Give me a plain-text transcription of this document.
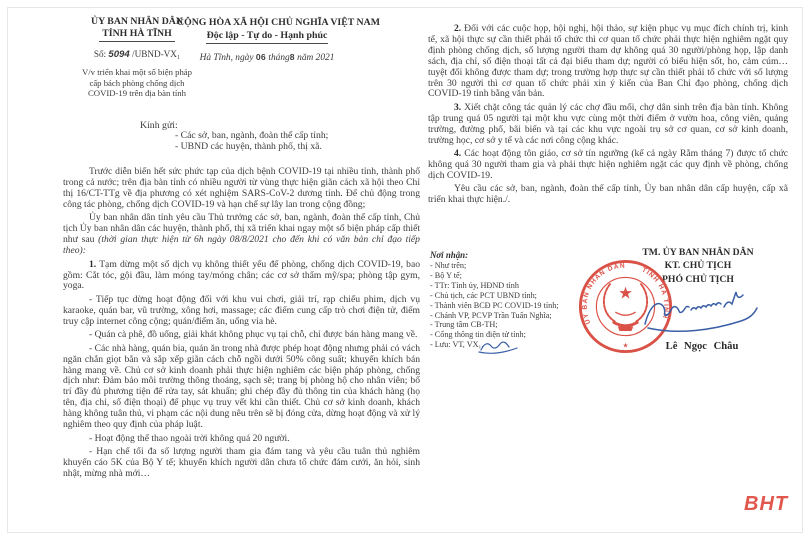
ỦY BAN NHÂN DÂN
TỈNH HÀ TĨNH
Số: 5094 /UBND-VX₁
V/v triển khai một số biện pháp
cấp bách phòng chống dịch
COVID-19 trên địa bàn tỉnh
CỘNG HÒA XÃ HỘI CHỦ NGHĨA VIỆT NAM
Độc lập - Tự do - Hạnh phúc
Hà Tĩnh, ngày 06 tháng8 năm 2021
Kính gửi:
- Các sở, ban, ngành, đoàn thể cấp tỉnh;
- UBND các huyện, thành phố, thị xã.

Trước diễn biến hết sức phức tạp của dịch bệnh COVID-19 tại nhiều tỉnh, thành phố trong cả nước; trên địa bàn tỉnh có nhiều người từ vùng thực hiện giãn cách xã hội theo Chỉ thị 16/CT-TTg về địa phương có xét nghiệm SARS-CoV-2 dương tính. Để chủ động trong công tác phòng, chống dịch COVID-19 và hạn chế sự lây lan trong cộng đồng;

Ủy ban nhân dân tỉnh yêu cầu Thủ trưởng các sở, ban, ngành, đoàn thể cấp tỉnh, Chủ tịch Ủy ban nhân dân các huyện, thành phố, thị xã triển khai ngay một số biện pháp cấp thiết như sau (thời gian thực hiện từ 6h ngày 08/8/2021 cho đến khi có văn bản chỉ đạo tiếp theo):

1. Tạm dừng một số dịch vụ không thiết yếu để phòng, chống dịch COVID-19, bao gồm: Cắt tóc, gội đầu, làm móng tay/móng chân; các cơ sở thẩm mỹ/spa; phòng tập gym, yoga.

- Tiếp tục dừng hoạt động đối với khu vui chơi, giải trí, rạp chiếu phim, dịch vụ karaoke, quán bar, vũ trường, xông hơi, massage; các điểm cung cấp trò chơi điện tử, điểm truy cập internet công cộng; quán/điểm ăn, uống vỉa hè.

- Quán cà phê, đồ uống, giải khát không phục vụ tại chỗ, chỉ được bán hàng mang về.

- Các nhà hàng, quán bia, quán ăn trong nhà được phép hoạt động nhưng phải có vách ngăn chắn giọt bắn và sắp xếp giãn cách chỗ ngồi dưới 50% công suất; khuyến khích bán hàng mang về. Chủ cơ sở kinh doanh phải thực hiện nghiêm các biện pháp phòng, chống dịch như: Đảm bảo môi trường thông thoáng, sạch sẽ; trang bị phòng hộ cho nhân viên; bố trí đầy đủ phương tiện để rửa tay, sát khuẩn; ghi chép đầy đủ thông tin của khách hàng (họ tên, địa chỉ, số điện thoại) để phục vụ truy vết khi cần thiết. Chủ cơ sở kinh doanh, khách hàng không tuân thủ, vi phạm các nội dung nêu trên sẽ bị đóng cửa, dừng hoạt động và xử lý nghiêm theo quy định của pháp luật.

- Hoạt động thể thao ngoài trời không quá 20 người.

- Hạn chế tối đa số lượng người tham gia đám tang và yêu cầu tuân thủ nghiêm khuyến cáo 5K của Bộ Y tế; khuyến khích người dân chưa tổ chức đám cưới, ăn hỏi, sinh nhật, mừng nhà mới…

2. Đối với các cuộc họp, hội nghị, hội thảo, sự kiện phục vụ mục đích chính trị, kinh tế, xã hội thực sự cần thiết phải tổ chức thì cơ quan tổ chức phải thực hiện nghiêm ngặt quy định phòng chống dịch, số lượng người tham dự không quá 30 người/phòng họp, lập danh sách, địa chỉ, số điện thoại tất cả đại biểu tham dự; người có biểu hiện sốt, ho, cảm cúm… tuyệt đối không được tham dự; trong trường hợp thực sự cần thiết phải tổ chức với số lượng trên 30 người thì cơ quan tổ chức phải xin ý kiến của Ban Chỉ đạo phòng, chống dịch COVID-19 tỉnh bằng văn bản.

3. Xiết chặt công tác quản lý các chợ đầu mối, chợ dân sinh trên địa bàn tỉnh. Không tập trung quá 05 người tại một khu vực cùng một thời điểm ở vườn hoa, công viên, quảng trường, đường phố, bãi biển và tại các khu vực ngoài trụ sở cơ quan, cơ sở kinh doanh, trường học, cơ sở y tế và các nơi công cộng khác.

4. Các hoạt động tôn giáo, cơ sở tín ngưỡng (kể cả ngày Rằm tháng 7) được tổ chức không quá 30 người tham gia và phải thực hiện nghiêm ngặt các quy định về phòng, chống dịch COVID-19.

Yêu cầu các sở, ban, ngành, đoàn thể cấp tỉnh, Ủy ban nhân dân cấp huyện, cấp xã triển khai thực hiện./.

Nơi nhận:
- Như trên;
- Bộ Y tế;
- TTr: Tỉnh ủy, HĐND tỉnh
- Chủ tịch, các PCT UBND tỉnh;
- Thành viên BCĐ PC COVID-19 tỉnh;
- Chánh VP, PCVP Trần Tuấn Nghĩa;
- Trung tâm CB-TH;
- Cổng thông tin điện tử tỉnh;
- Lưu: VT, VX₁.
TM. ỦY BAN NHÂN DÂN
KT. CHỦ TỊCH
PHÓ CHỦ TỊCH
ỦY BAN NHÂN DÂN
TỈNH HÀ TĨNH
★
★
Lê Ngọc Châu
BHT
